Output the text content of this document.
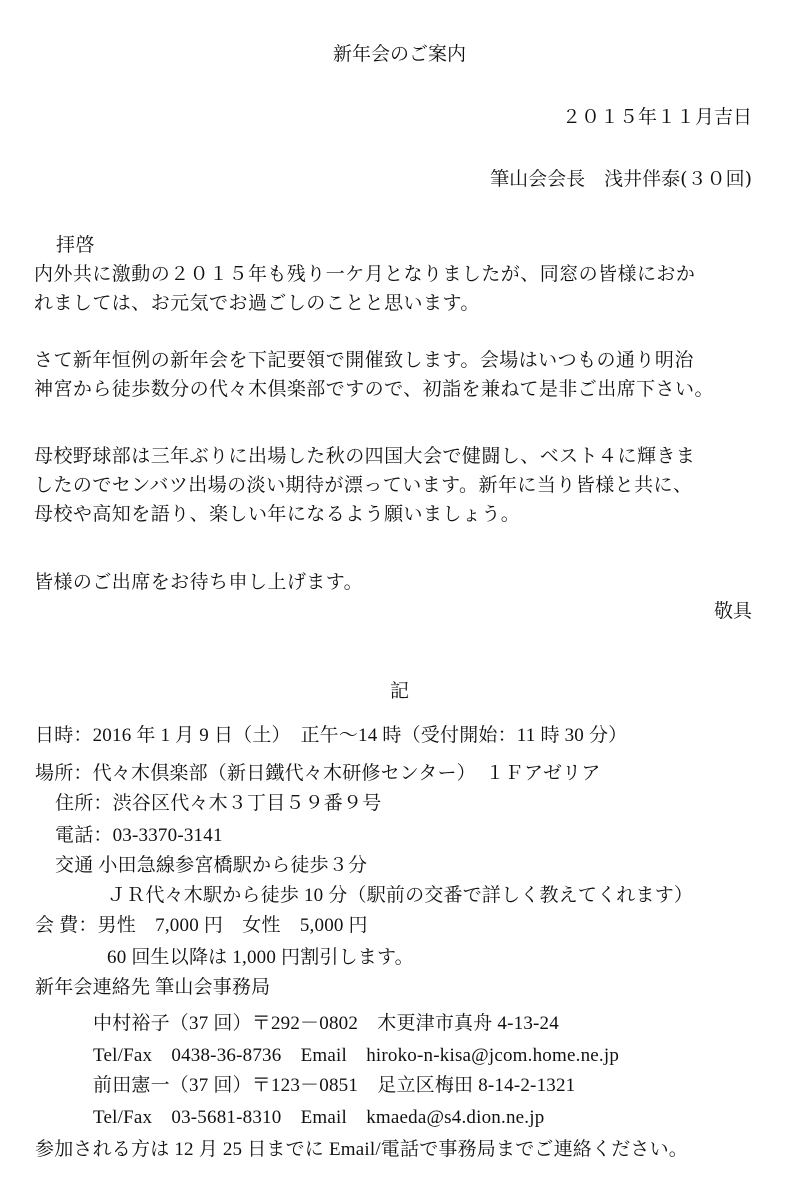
新年会のご案内
２０１５年１１月吉日
筆山会会長　浅井伴泰(３０回)
拝啓
内外共に激動の２０１５年も残り一ケ月となりましたが、同窓の皆様におか
れましては、お元気でお過ごしのことと思います。
さて新年恒例の新年会を下記要領で開催致します。会場はいつもの通り明治
神宮から徒歩数分の代々木倶楽部ですので、初詣を兼ねて是非ご出席下さい。
母校野球部は三年ぶりに出場した秋の四国大会で健闘し、ベスト４に輝きま
したのでセンバツ出場の淡い期待が漂っています。新年に当り皆様と共に、
母校や高知を語り、楽しい年になるよう願いましょう。
皆様のご出席をお待ち申し上げます。
敬具
記
日時：2016 年 1 月 9 日（土）　正午～14 時（受付開始：11 時 30 分）
場所：代々木倶楽部（新日鐵代々木研修センター）　１Ｆアゼリア
住所：渋谷区代々木３丁目５９番９号
電話：03-3370-3141
交通 小田急線参宮橋駅から徒歩３分
ＪＲ代々木駅から徒歩 10 分（駅前の交番で詳しく教えてくれます）
会 費：男性　7,000 円　女性　5,000 円
60 回生以降は 1,000 円割引します。
新年会連絡先 筆山会事務局
中村裕子（37 回）〒292－0802　木更津市真舟 4-13-24
Tel/Fax　0438-36-8736　Email　hiroko-n-kisa@jcom.home.ne.jp
前田憲一（37 回）〒123－0851　足立区梅田 8-14-2-1321
Tel/Fax　03-5681-8310　Email　kmaeda@s4.dion.ne.jp
参加される方は 12 月 25 日までに Email/電話で事務局までご連絡ください。
